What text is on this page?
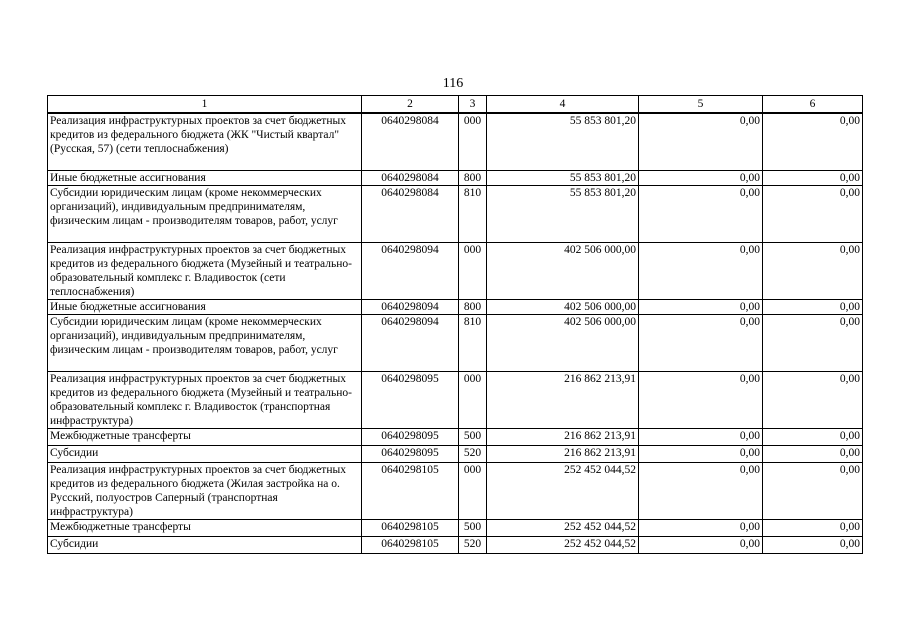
116
1	2	3	4	5	6
Реализация инфраструктурных проектов за счет бюджетных кредитов из федерального бюджета (ЖК "Чистый квартал" (Русская, 57) (сети теплоснабжения)	0640298084	000	55 853 801,20	0,00	0,00
Иные бюджетные ассигнования	0640298084	800	55 853 801,20	0,00	0,00
Субсидии юридическим лицам (кроме некоммерческих организаций), индивидуальным предпринимателям, физическим лицам - производителям товаров, работ, услуг	0640298084	810	55 853 801,20	0,00	0,00
Реализация инфраструктурных проектов за счет бюджетных кредитов из федерального бюджета (Музейный и театрально-образовательный комплекс г. Владивосток (сети теплоснабжения)	0640298094	000	402 506 000,00	0,00	0,00
Иные бюджетные ассигнования	0640298094	800	402 506 000,00	0,00	0,00
Субсидии юридическим лицам (кроме некоммерческих организаций), индивидуальным предпринимателям, физическим лицам - производителям товаров, работ, услуг	0640298094	810	402 506 000,00	0,00	0,00
Реализация инфраструктурных проектов за счет бюджетных кредитов из федерального бюджета (Музейный и театрально-образовательный комплекс г. Владивосток (транспортная инфраструктура)	0640298095	000	216 862 213,91	0,00	0,00
Межбюджетные трансферты	0640298095	500	216 862 213,91	0,00	0,00
Субсидии	0640298095	520	216 862 213,91	0,00	0,00
Реализация инфраструктурных проектов за счет бюджетных кредитов из федерального бюджета (Жилая застройка на о. Русский, полуостров Саперный (транспортная инфраструктура)	0640298105	000	252 452 044,52	0,00	0,00
Межбюджетные трансферты	0640298105	500	252 452 044,52	0,00	0,00
Субсидии	0640298105	520	252 452 044,52	0,00	0,00
